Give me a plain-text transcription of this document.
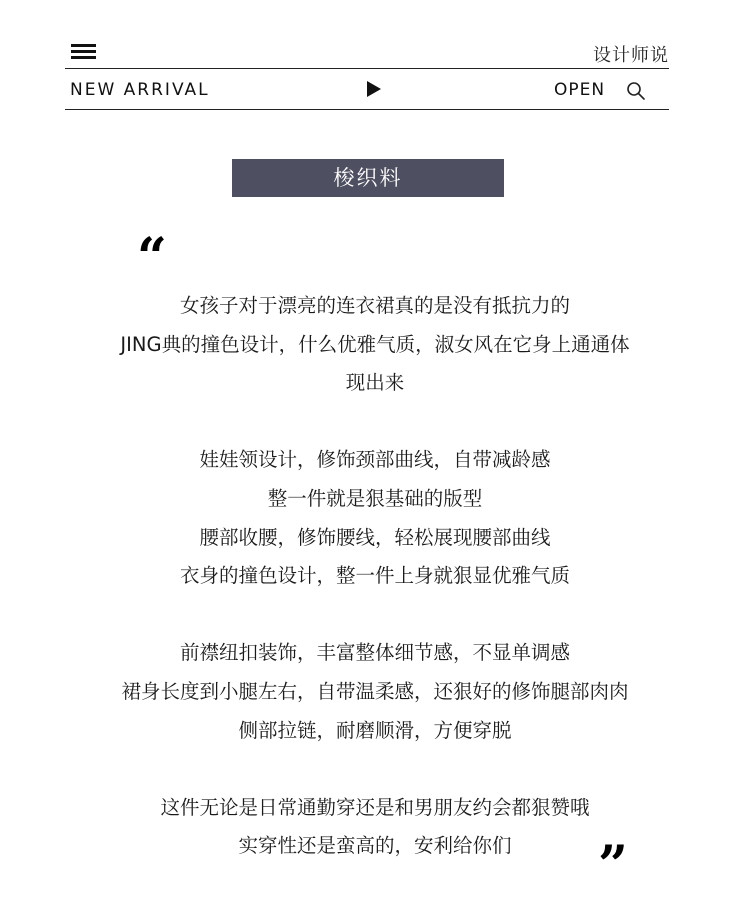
设计师说
NEW ARRIVAL	OPEN
梭织料
“
女孩子对于漂亮的连衣裙真的是没有抵抗力的
JING典的撞色设计，什么优雅气质，淑女风在它身上通通体
现出来
娃娃领设计，修饰颈部曲线，自带减龄感
整一件就是狠基础的版型
腰部收腰，修饰腰线，轻松展现腰部曲线
衣身的撞色设计，整一件上身就狠显优雅气质
前襟纽扣装饰，丰富整体细节感，不显单调感
裙身长度到小腿左右，自带温柔感，还狠好的修饰腿部肉肉
侧部拉链，耐磨顺滑，方便穿脱
这件无论是日常通勤穿还是和男朋友约会都狠赞哦
实穿性还是蛮高的，安利给你们	”
